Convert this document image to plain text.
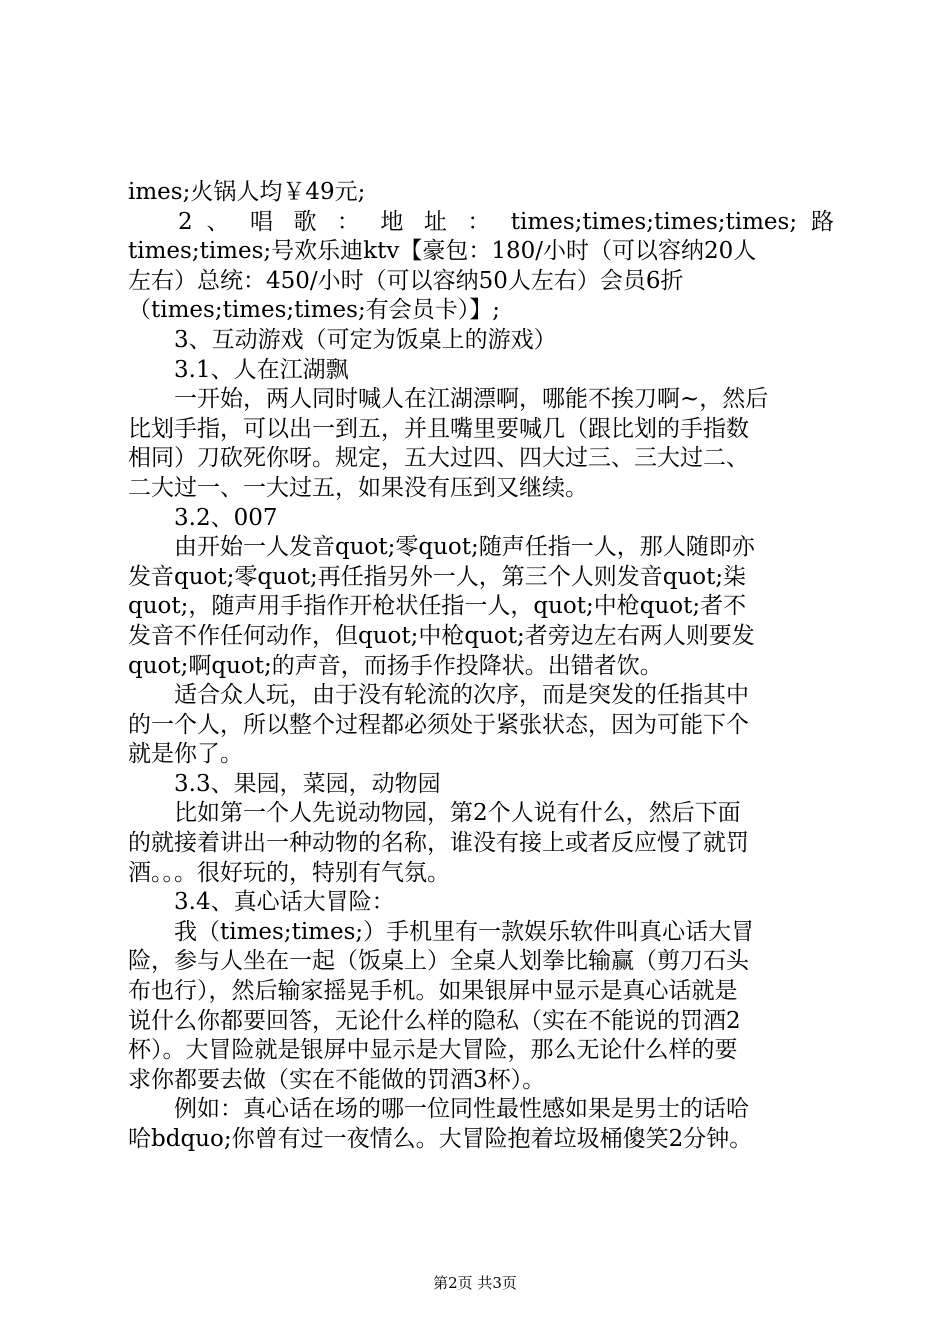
imes;火锅人均￥49元;
2 、 唱 歌 ： 地 址 ： times;times;times;times; 路
times;times;号欢乐迪ktv【豪包：180/小时（可以容纳20人
左右）总统：450/小时（可以容纳50人左右）会员6折
（times;times;times;有会员卡）】;
3、互动游戏（可定为饭桌上的游戏）
3.1、人在江湖飘
一开始，两人同时喊人在江湖漂啊，哪能不挨刀啊~，然后
比划手指，可以出一到五，并且嘴里要喊几（跟比划的手指数
相同）刀砍死你呀。规定，五大过四、四大过三、三大过二、
二大过一、一大过五，如果没有压到又继续。
3.2、007
由开始一人发音quot;零quot;随声任指一人，那人随即亦
发音quot;零quot;再任指另外一人，第三个人则发音quot;柒
quot;，随声用手指作开枪状任指一人，quot;中枪quot;者不
发音不作任何动作，但quot;中枪quot;者旁边左右两人则要发
quot;啊quot;的声音，而扬手作投降状。出错者饮。
适合众人玩，由于没有轮流的次序，而是突发的任指其中
的一个人，所以整个过程都必须处于紧张状态，因为可能下个
就是你了。
3.3、果园，菜园，动物园
比如第一个人先说动物园，第2个人说有什么，然后下面
的就接着讲出一种动物的名称，谁没有接上或者反应慢了就罚
酒。。。很好玩的，特别有气氛。
3.4、真心话大冒险：
我（times;times;）手机里有一款娱乐软件叫真心话大冒
险，参与人坐在一起（饭桌上）全桌人划拳比输赢（剪刀石头
布也行），然后输家摇晃手机。如果银屏中显示是真心话就是
说什么你都要回答，无论什么样的隐私（实在不能说的罚酒2
杯）。大冒险就是银屏中显示是大冒险，那么无论什么样的要
求你都要去做（实在不能做的罚酒3杯）。
例如：真心话在场的哪一位同性最性感如果是男士的话哈
哈bdquo;你曾有过一夜情么。大冒险抱着垃圾桶傻笑2分钟。
第2页 共3页
